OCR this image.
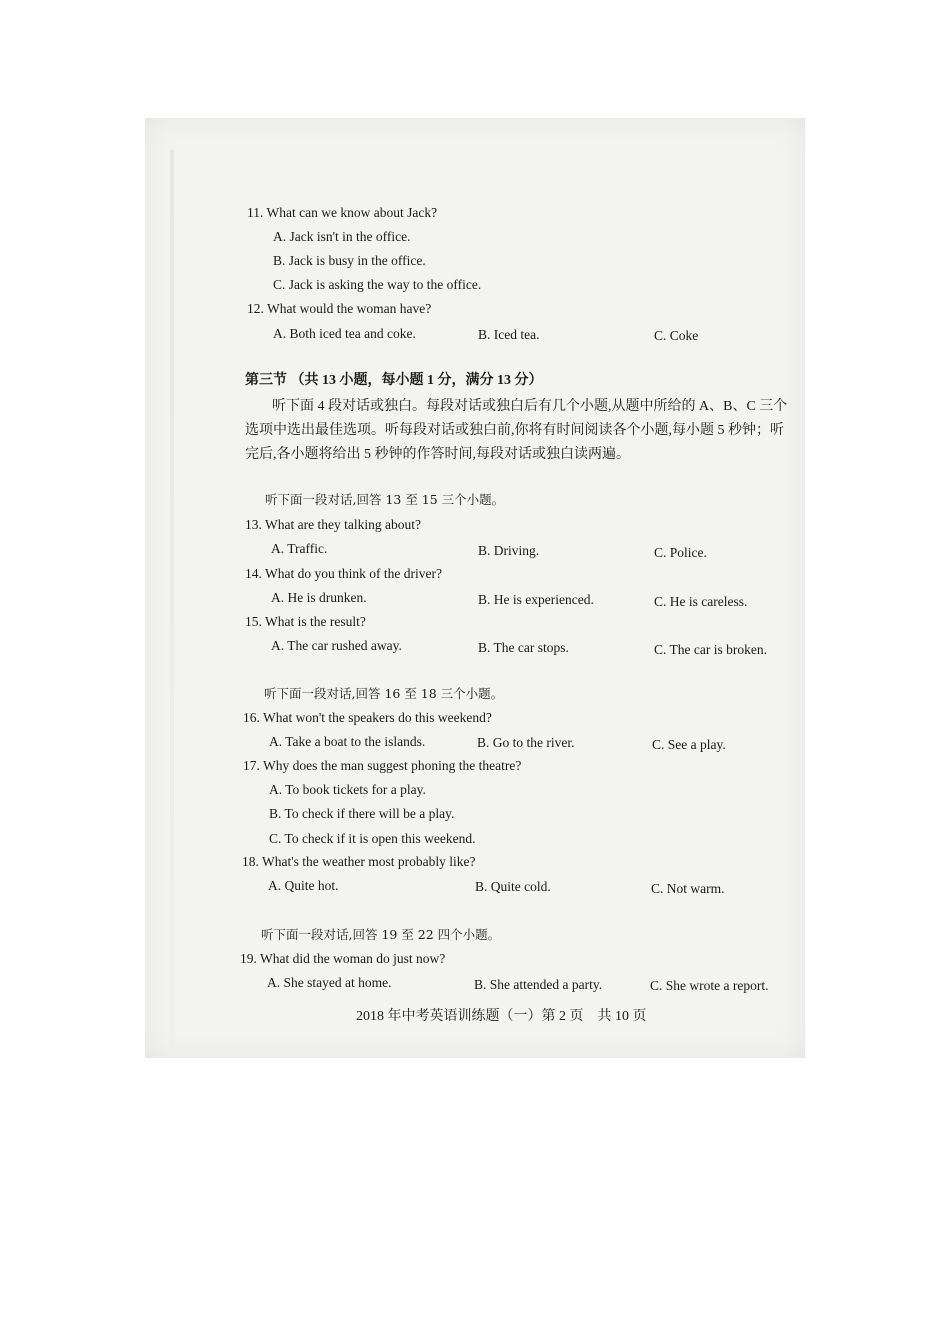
11. What can we know about Jack?
A. Jack isn't in the office.
B. Jack is busy in the office.
C. Jack is asking the way to the office.
12. What would the woman have?
A. Both iced tea and coke.	B. Iced tea.	C. Coke
第三节 （共 13 小题，每小题 1 分，满分 13 分）
听下面 4 段对话或独白。每段对话或独白后有几个小题,从题中所给的 A、B、C 三个
选项中选出最佳选项。听每段对话或独白前,你将有时间阅读各个小题,每小题 5 秒钟；听
完后,各小题将给出 5 秒钟的作答时间,每段对话或独白读两遍。
听下面一段对话,回答 13 至 15 三个小题。
13. What are they talking about?
A. Traffic.	B. Driving.	C. Police.
14. What do you think of the driver?
A. He is drunken.	B. He is experienced.	C. He is careless.
15. What is the result?
A. The car rushed away.	B. The car stops.	C. The car is broken.
听下面一段对话,回答 16 至 18 三个小题。
16. What won't the speakers do this weekend?
A. Take a boat to the islands.	B. Go to the river.	C. See a play.
17. Why does the man suggest phoning the theatre?
A. To book tickets for a play.
B. To check if there will be a play.
C. To check if it is open this weekend.
18. What's the weather most probably like?
A. Quite hot.	B. Quite cold.	C. Not warm.
听下面一段对话,回答 19 至 22 四个小题。
19. What did the woman do just now?
A. She stayed at home.	B. She attended a party.	C. She wrote a report.
2018 年中考英语训练题（一）第 2 页　共 10 页
